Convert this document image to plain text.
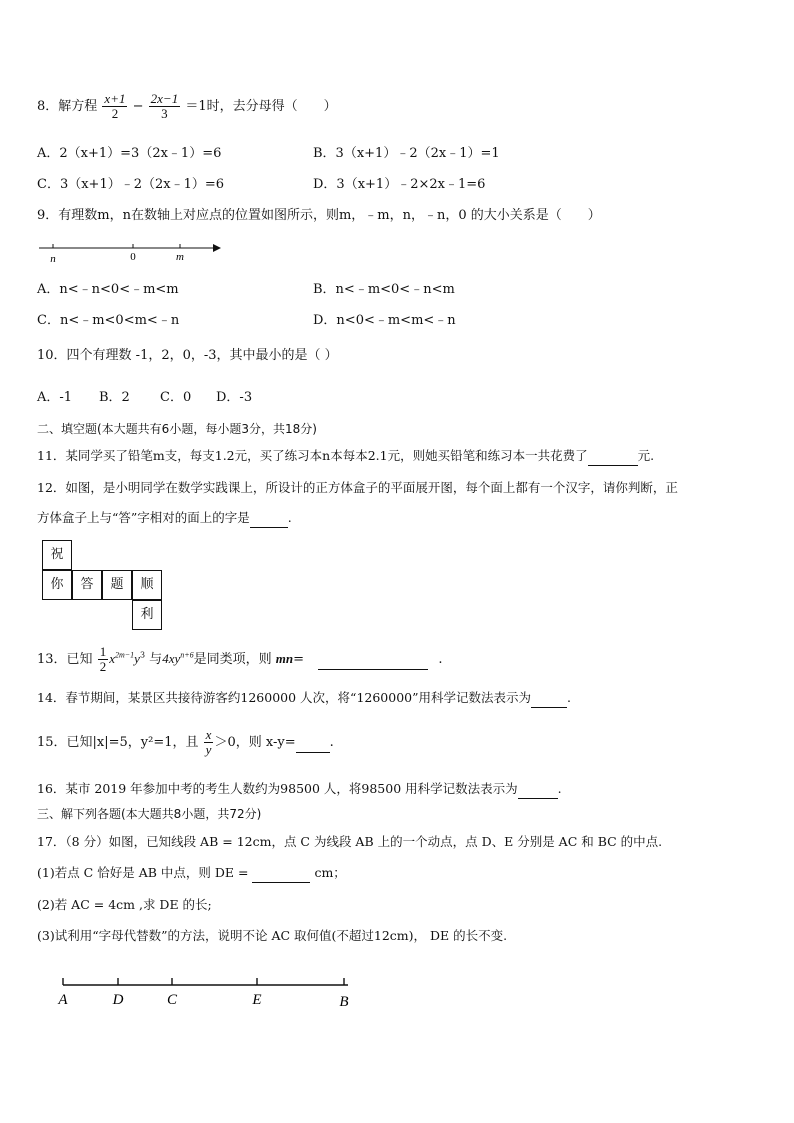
8．解方程 $\frac{x+1}{2} - \frac{2x-1}{3} =1$时，去分母得（　　）
A．2（x+1）=3（2x﹣1）=6	B．3（x+1）﹣2（2x﹣1）=1
C．3（x+1）﹣2（2x﹣1）=6	D．3（x+1）﹣2×2x﹣1=6
9．有理数m，n在数轴上对应点的位置如图所示，则m，﹣m，n，﹣n，0 的大小关系是（　　）
n	0	m
A．n<﹣n<0<﹣m<m	B．n<﹣m<0<﹣n<m
C．n<﹣m<0<m<﹣n	D．n<0<﹣m<m<﹣n
10．四个有理数 -1，2，0，-3，其中最小的是（ ）
A．-1 B．2 C．0 D．-3
二、填空题(本大题共有6小题，每小题3分，共18分)
11．某同学买了铅笔m支，每支1.2元，买了练习本n本每本2.1元，则她买铅笔和练习本一共花费了	元.
12．如图，是小明同学在数学实践课上，所设计的正方体盒子的平面展开图，每个面上都有一个汉字，请你判断，正
方体盒子上与“答”字相对的面上的字是	.
祝
你	答	题	顺
利
13．已知 $\frac{1}{2} x^{2m-1}y^3$ 与$4xy^{n+6}$是同类项，则 mn=	.
14．春节期间，某景区共接待游客约1260000 人次，将“1260000”用科学记数法表示为	.
15．已知|x|=5，y²=1，且 $\frac{x}{y} >0$，则 x-y=	.
16．某市 2019 年参加中考的考生人数约为98500 人，将98500 用科学记数法表示为	.
三、解下列各题(本大题共8小题，共72分)
17．（8 分）如图，已知线段 AB = 12cm，点 C 为线段 AB 上的一个动点，点 D、E 分别是 AC 和 BC 的中点.
(1)若点 C 恰好是 AB 中点，则 DE =	cm；
(2)若 AC = 4cm ,求 DE 的长;
(3)试利用“字母代替数”的方法，说明不论 AC 取何值(不超过12cm)， DE 的长不变.
A	D	C	E	B
